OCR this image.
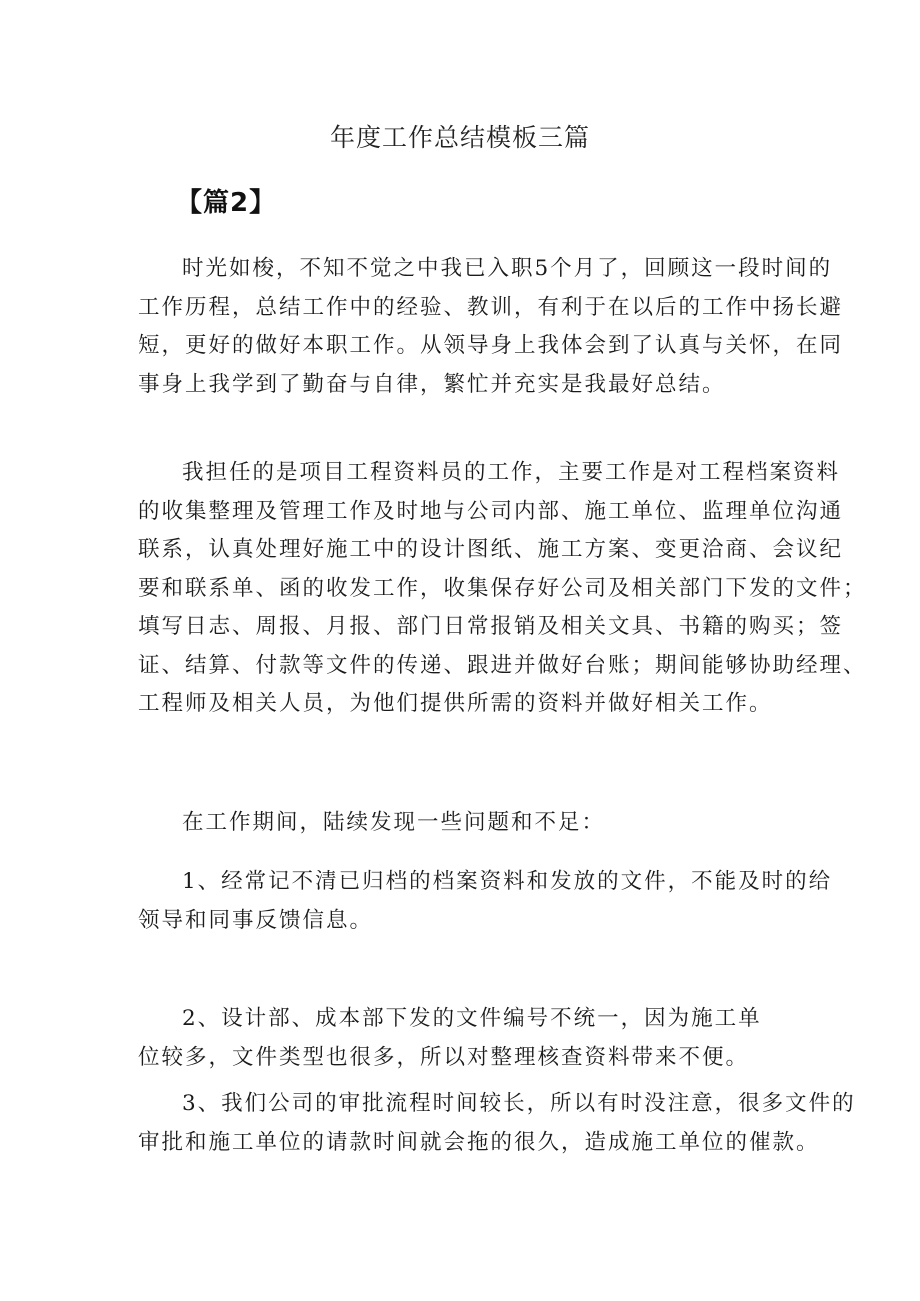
年度工作总结模板三篇
【篇2】
时光如梭，不知不觉之中我已入职5个月了，回顾这一段时间的
工作历程，总结工作中的经验、教训，有利于在以后的工作中扬长避
短，更好的做好本职工作。从领导身上我体会到了认真与关怀，在同
事身上我学到了勤奋与自律，繁忙并充实是我最好总结。
我担任的是项目工程资料员的工作，主要工作是对工程档案资料
的收集整理及管理工作及时地与公司内部、施工单位、监理单位沟通
联系，认真处理好施工中的设计图纸、施工方案、变更洽商、会议纪
要和联系单、函的收发工作，收集保存好公司及相关部门下发的文件；
填写日志、周报、月报、部门日常报销及相关文具、书籍的购买；签
证、结算、付款等文件的传递、跟进并做好台账；期间能够协助经理、
工程师及相关人员，为他们提供所需的资料并做好相关工作。
在工作期间，陆续发现一些问题和不足：
1、经常记不清已归档的档案资料和发放的文件，不能及时的给
领导和同事反馈信息。
2、设计部、成本部下发的文件编号不统一，因为施工单
位较多，文件类型也很多，所以对整理核查资料带来不便。
3、我们公司的审批流程时间较长，所以有时没注意，很多文件的
审批和施工单位的请款时间就会拖的很久，造成施工单位的催款。
